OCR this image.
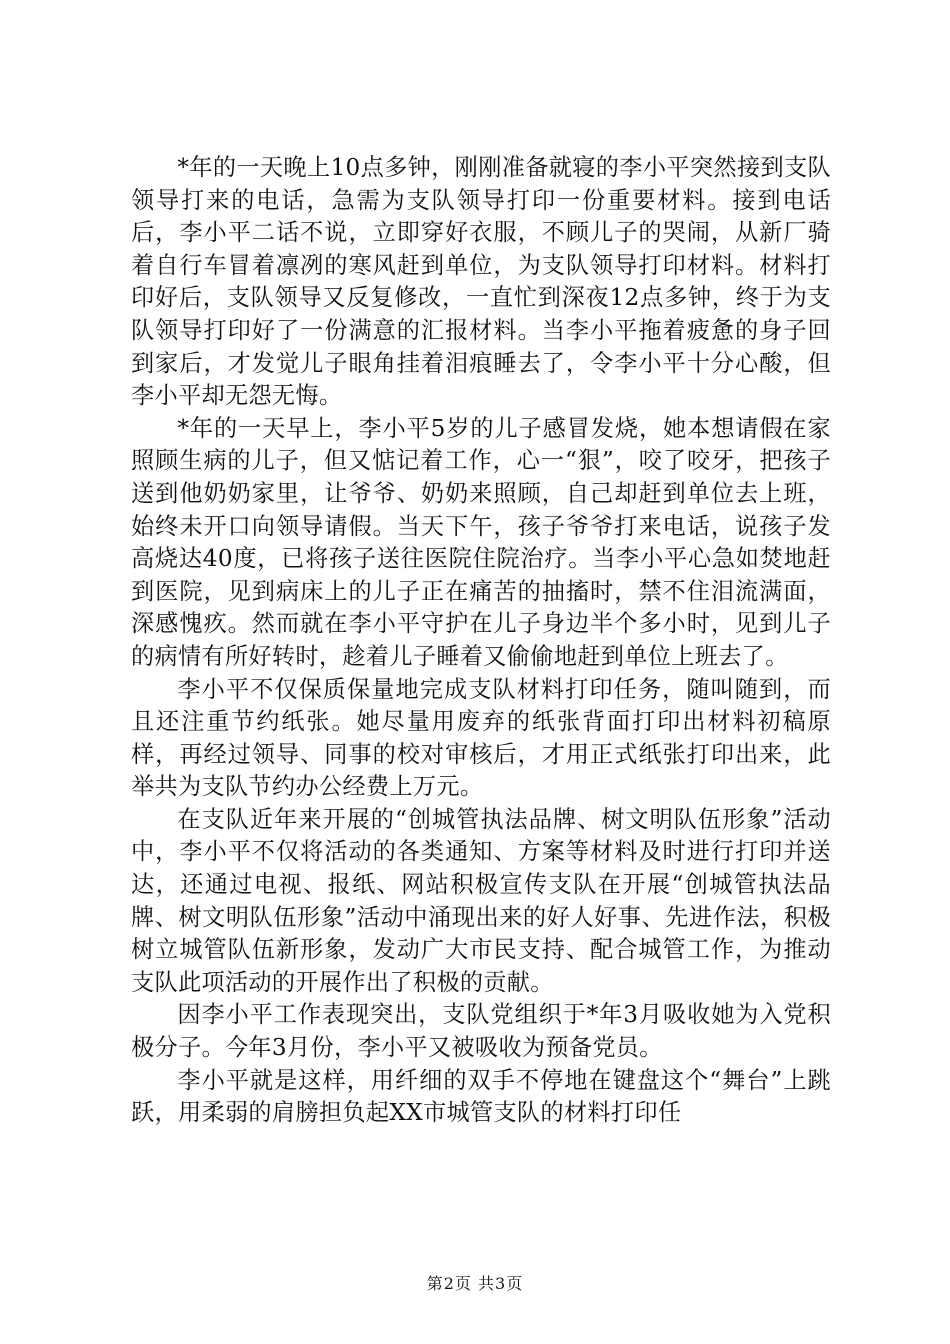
*年的一天晚上10点多钟，刚刚准备就寝的李小平突然接到支队领导打来的电话，急需为支队领导打印一份重要材料。接到电话后，李小平二话不说，立即穿好衣服，不顾儿子的哭闹，从新厂骑着自行车冒着凛冽的寒风赶到单位，为支队领导打印材料。材料打印好后，支队领导又反复修改，一直忙到深夜12点多钟，终于为支队领导打印好了一份满意的汇报材料。当李小平拖着疲惫的身子回到家后，才发觉儿子眼角挂着泪痕睡去了，令李小平十分心酸，但李小平却无怨无悔。

*年的一天早上，李小平5岁的儿子感冒发烧，她本想请假在家照顾生病的儿子，但又惦记着工作，心一“狠”，咬了咬牙，把孩子送到他奶奶家里，让爷爷、奶奶来照顾，自己却赶到单位去上班，始终未开口向领导请假。当天下午，孩子爷爷打来电话，说孩子发高烧达40度，已将孩子送往医院住院治疗。当李小平心急如焚地赶到医院，见到病床上的儿子正在痛苦的抽搐时，禁不住泪流满面，深感愧疚。然而就在李小平守护在儿子身边半个多小时，见到儿子的病情有所好转时，趁着儿子睡着又偷偷地赶到单位上班去了。

李小平不仅保质保量地完成支队材料打印任务，随叫随到，而且还注重节约纸张。她尽量用废弃的纸张背面打印出材料初稿原样，再经过领导、同事的校对审核后，才用正式纸张打印出来，此举共为支队节约办公经费上万元。

在支队近年来开展的“创城管执法品牌、树文明队伍形象”活动中，李小平不仅将活动的各类通知、方案等材料及时进行打印并送达，还通过电视、报纸、网站积极宣传支队在开展“创城管执法品牌、树文明队伍形象”活动中涌现出来的好人好事、先进作法，积极树立城管队伍新形象，发动广大市民支持、配合城管工作，为推动支队此项活动的开展作出了积极的贡献。

因李小平工作表现突出，支队党组织于*年3月吸收她为入党积极分子。今年3月份，李小平又被吸收为预备党员。

李小平就是这样，用纤细的双手不停地在键盘这个“舞台”上跳跃，用柔弱的肩膀担负起XX市城管支队的材料打印任

第2页 共3页
